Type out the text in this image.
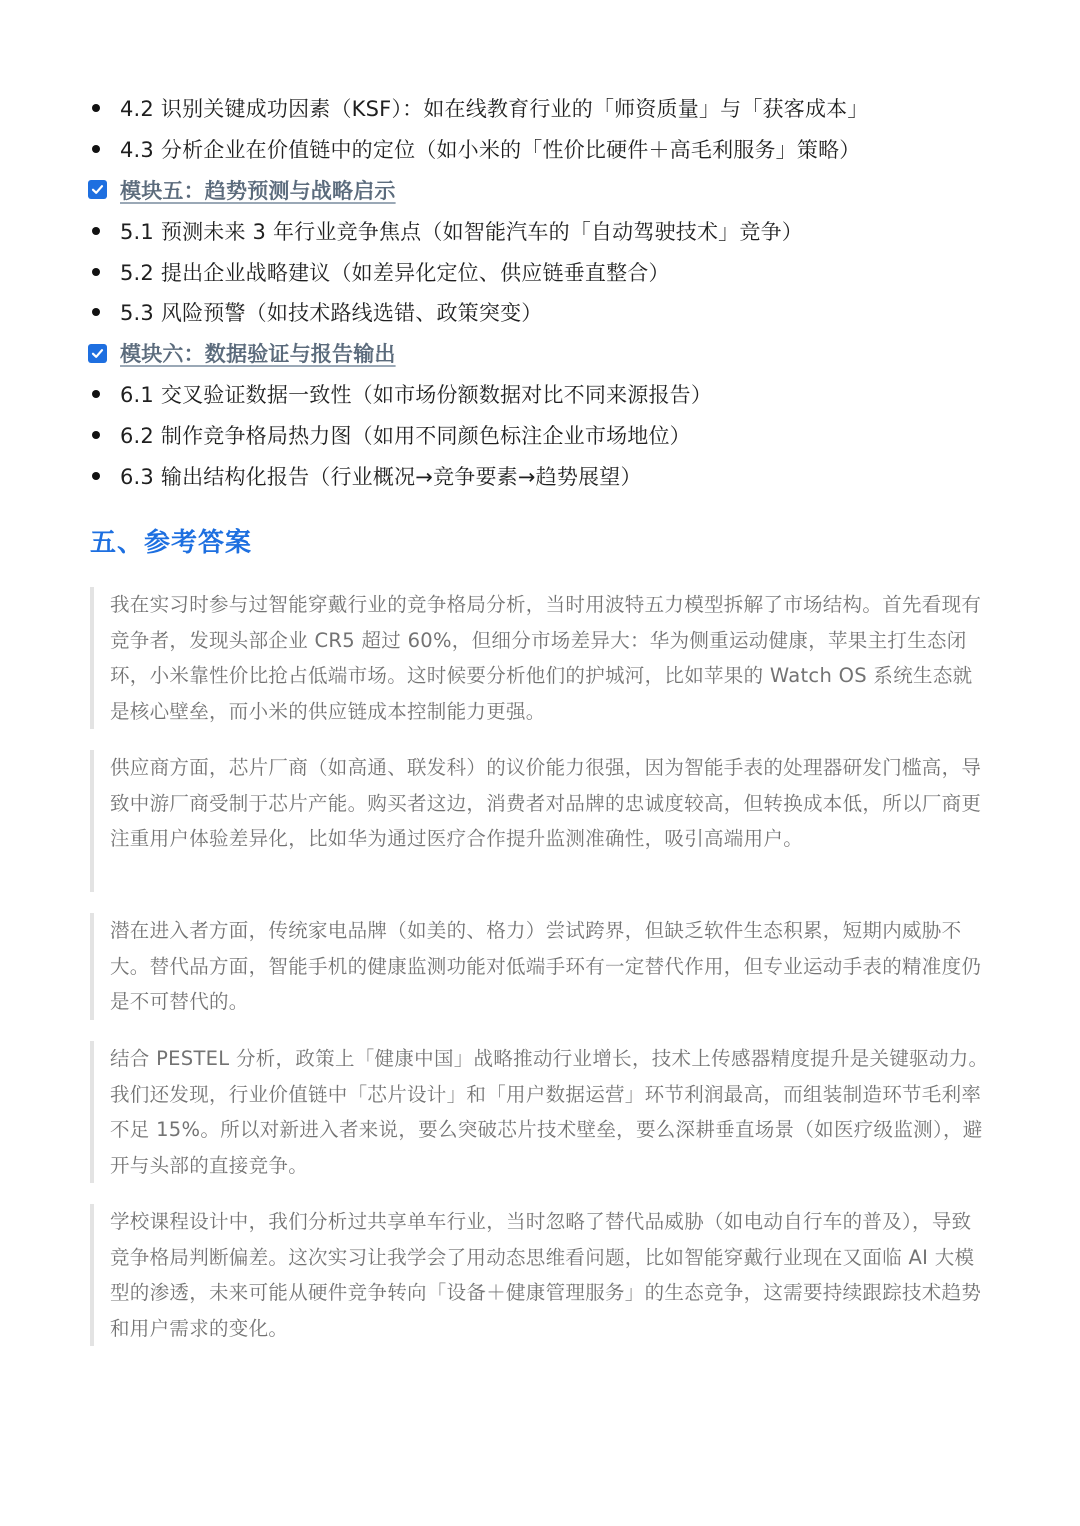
4.2 识别关键成功因素（KSF）：如在线教育行业的「师资质量」与「获客成本」
4.3 分析企业在价值链中的定位（如小米的「性价比硬件＋高毛利服务」策略）
模块五：趋势预测与战略启示
5.1 预测未来 3 年行业竞争焦点（如智能汽车的「自动驾驶技术」竞争）
5.2 提出企业战略建议（如差异化定位、供应链垂直整合）
5.3 风险预警（如技术路线选错、政策突变）
模块六：数据验证与报告输出
6.1 交叉验证数据一致性（如市场份额数据对比不同来源报告）
6.2 制作竞争格局热力图（如用不同颜色标注企业市场地位）
6.3 输出结构化报告（行业概况→竞争要素→趋势展望）
五、参考答案

我在实习时参与过智能穿戴行业的竞争格局分析，当时用波特五力模型拆解了市场结构。首先看现有竞争者，发现头部企业 CR5 超过 60%，但细分市场差异大：华为侧重运动健康，苹果主打生态闭环，小米靠性价比抢占低端市场。这时候要分析他们的护城河，比如苹果的 Watch OS 系统生态就是核心壁垒，而小米的供应链成本控制能力更强。

供应商方面，芯片厂商（如高通、联发科）的议价能力很强，因为智能手表的处理器研发门槛高，导致中游厂商受制于芯片产能。购买者这边，消费者对品牌的忠诚度较高，但转换成本低，所以厂商更注重用户体验差异化，比如华为通过医疗合作提升监测准确性，吸引高端用户。

潜在进入者方面，传统家电品牌（如美的、格力）尝试跨界，但缺乏软件生态积累，短期内威胁不大。替代品方面，智能手机的健康监测功能对低端手环有一定替代作用，但专业运动手表的精准度仍是不可替代的。

结合 PESTEL 分析，政策上「健康中国」战略推动行业增长，技术上传感器精度提升是关键驱动力。我们还发现，行业价值链中「芯片设计」和「用户数据运营」环节利润最高，而组装制造环节毛利率不足 15%。所以对新进入者来说，要么突破芯片技术壁垒，要么深耕垂直场景（如医疗级监测），避开与头部的直接竞争。

学校课程设计中，我们分析过共享单车行业，当时忽略了替代品威胁（如电动自行车的普及），导致竞争格局判断偏差。这次实习让我学会了用动态思维看问题，比如智能穿戴行业现在又面临 AI 大模型的渗透，未来可能从硬件竞争转向「设备＋健康管理服务」的生态竞争，这需要持续跟踪技术趋势和用户需求的变化。
